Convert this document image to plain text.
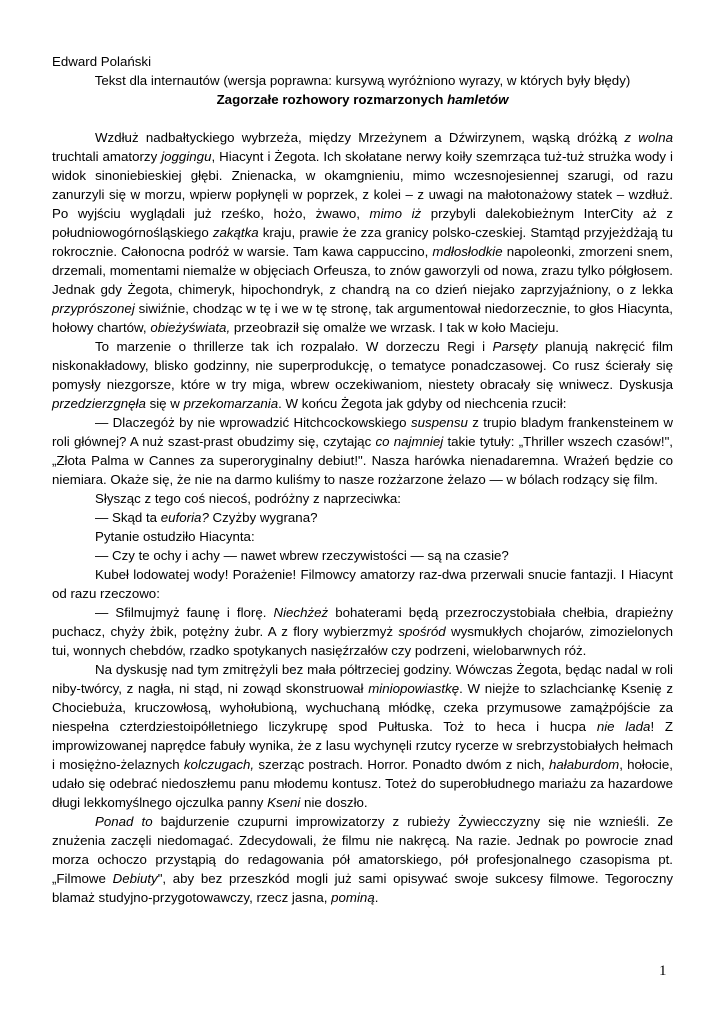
Edward Polański

Tekst dla internautów (wersja poprawna: kursywą wyróżniono wyrazy, w których były błędy)

Zagorzałe rozhowory rozmarzonych hamletów

Wzdłuż nadbałtyckiego wybrzeża, między Mrzeżynem a Dźwirzynem, wąską dróżką z wolna truchtali amatorzy joggingu, Hiacynt i Żegota. Ich skołatane nerwy koiły szemrząca tuż-tuż strużka wody i widok sinoniebieskiej głębi. Znienacka, w okamgnieniu, mimo wczesnojesiennej szarugi, od razu zanurzyli się w morzu, wpierw popłynęli w poprzek, z kolei – z uwagi na małotonażowy statek – wzdłuż. Po wyjściu wyglądali już rześko, hożo, żwawo, mimo iż przybyli dalekobieżnym InterCity aż z południowogórnośląskiego zakątka kraju, prawie że zza granicy polsko-czeskiej. Stamtąd przyjeżdżają tu rokrocznie. Całonocna podróż w warsie. Tam kawa cappuccino, mdłosłodkie napoleonki, zmorzeni snem, drzemali, momentami niemalże w objęciach Orfeusza, to znów gaworzyli od nowa, zrazu tylko półgłosem. Jednak gdy Żegota, chimeryk, hipochondryk, z chandrą na co dzień niejako zaprzyjaźniony, o z lekka przyprószonej siwiźnie, chodząc w tę i we w tę stronę, tak argumentował niedorzecznie, to głos Hiacynta, hołowy chartów, obieżyświata, przeobraził się omalże we wrzask. I tak w koło Macieju.

To marzenie o thrillerze tak ich rozpalało. W dorzeczu Regi i Parsęty planują nakręcić film niskonakładowy, blisko godzinny, nie superprodukcję, o tematyce ponadczasowej. Co rusz ścierały się pomysły niezgorsze, które w try miga, wbrew oczekiwaniom, niestety obracały się wniwecz. Dyskusja przedzierzgnęła się w przekomarzania. W końcu Żegota jak gdyby od niechcenia rzucił:

— Dlaczegóż by nie wprowadzić Hitchcockowskiego suspensu z trupio bladym frankensteinem w roli głównej? A nuż szast-prast obudzimy się, czytając co najmniej takie tytuły: „Thriller wszech czasów!", „Złota Palma w Cannes za superoryginalny debiut!". Nasza harówka nienadaremna. Wrażeń będzie co niemiara. Okaże się, że nie na darmo kuliśmy to nasze rozżarzone żelazo — w bólach rodzący się film.

Słysząc z tego coś niecoś, podróżny z naprzeciwka:

— Skąd ta euforia? Czyżby wygrana?

Pytanie ostudziło Hiacynta:

— Czy te ochy i achy — nawet wbrew rzeczywistości — są na czasie?

Kubeł lodowatej wody! Porażenie! Filmowcy amatorzy raz-dwa przerwali snucie fantazji. I Hiacynt od razu rzeczowo:

— Sfilmujmyż faunę i florę. Niechżeż bohaterami będą przezroczystobiała chełbia, drapieżny puchacz, chyży żbik, potężny żubr. A z flory wybierzmyż spośród wysmukłych chojarów, zimozielonych tui, wonnych chebdów, rzadko spotykanych nasięźrzałów czy podrzeni, wielobarwnych róż.

Na dyskusję nad tym zmitrężyli bez mała półtrzeciej godziny. Wówczas Żegota, będąc nadal w roli niby-twórcy, z nagła, ni stąd, ni zowąd skonstruował miniopowiastkę. W niejże to szlachciankę Ksenię z Chociebuża, kruczowłosą, wyhołubioną, wychuchaną młódkę, czeka przymusowe zamążpójście za niespełna czterdziestoipółletniego liczykrupę spod Pułtuska. Toż to heca i hucpa nie lada! Z improwizowanej naprędce fabuły wynika, że z lasu wychynęli rzutcy rycerze w srebrzystobiałych hełmach i mosiężno-żelaznych kolczugach, szerząc postrach. Horror. Ponadto dwóm z nich, hałaburdom, hołocie, udało się odebrać niedoszłemu panu młodemu kontusz. Toteż do superobłudnego mariażu za hazardowe długi lekkomyślnego ojczulka panny Kseni nie doszło.

Ponad to bajdurzenie czupurni improwizatorzy z rubieży Żywiecczyzny się nie wznieśli. Ze znużenia zaczęli niedomagać. Zdecydowali, że filmu nie nakręcą. Na razie. Jednak po powrocie znad morza ochoczo przystąpią do redagowania pół amatorskiego, pół profesjonalnego czasopisma pt. „Filmowe Debiuty", aby bez przeszkód mogli już sami opisywać swoje sukcesy filmowe. Tegoroczny blamaż studyjno-przygotowawczy, rzecz jasna, pominą.

1
